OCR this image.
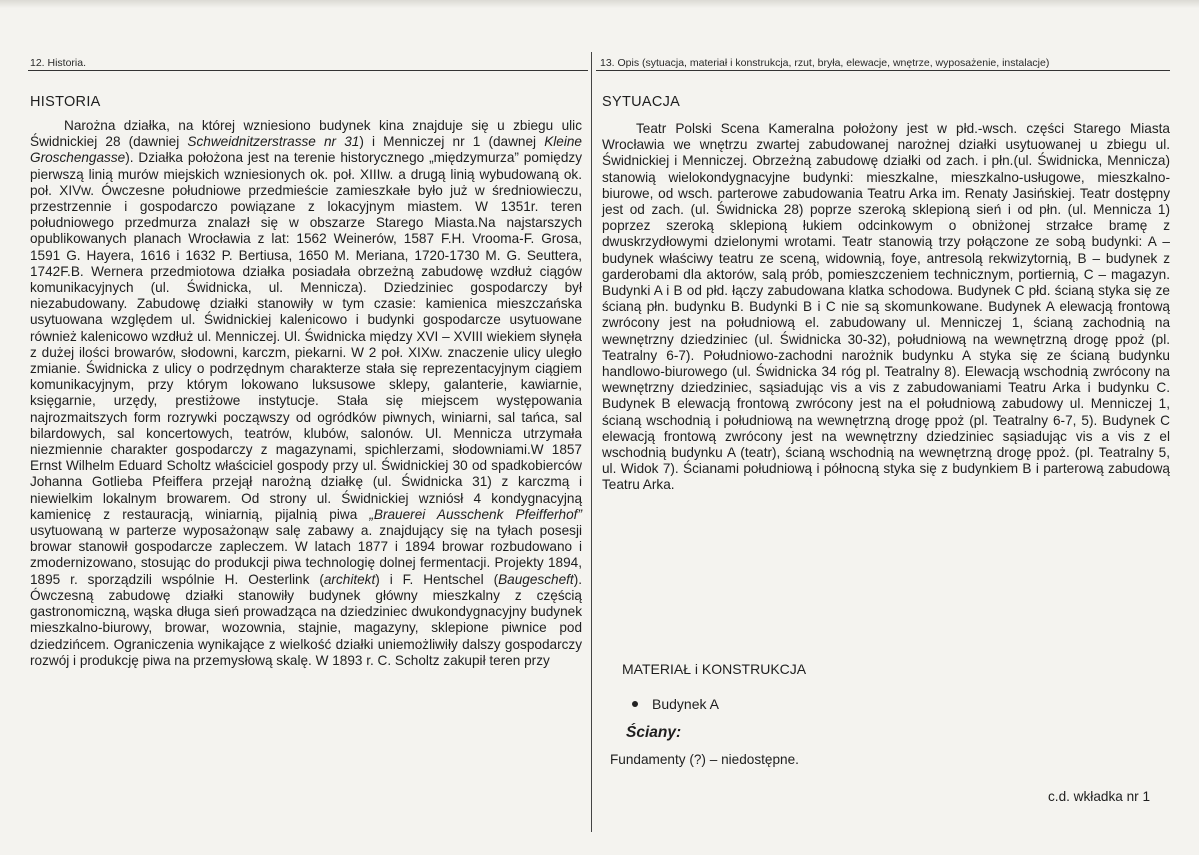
12. Historia.	13. Opis (sytuacja, materiał i konstrukcja, rzut, bryła, elewacje, wnętrze, wyposażenie, instalacje)
HISTORIA

Narożna działka, na której wzniesiono budynek kina znajduje się u zbiegu ulic Świdnickiej 28 (dawniej Schweidnitzerstrasse nr 31) i Menniczej nr 1 (dawnej Kleine Groschengasse). Działka położona jest na terenie historycznego „międzymurza” pomiędzy pierwszą linią murów miejskich wzniesionych ok. poł. XIIIw. a drugą linią wybudowaną ok. poł. XIVw. Ówczesne południowe przedmieście zamieszkałe było już w średniowieczu, przestrzennie i gospodarczo powiązane z lokacyjnym miastem. W 1351r. teren południowego przedmurza znalazł się w obszarze Starego Miasta.Na najstarszych opublikowanych planach Wrocławia z lat: 1562 Weinerów, 1587 F.H. Vrooma-F. Grosa, 1591 G. Hayera, 1616 i 1632 P. Bertiusa, 1650 M. Meriana, 1720-1730 M. G. Seuttera, 1742F.B. Wernera przedmiotowa działka posiadała obrzeżną zabudowę wzdłuż ciągów komunikacyjnych (ul. Świdnicka, ul. Mennicza). Dziedziniec gospodarczy był niezabudowany. Zabudowę działki stanowiły w tym czasie: kamienica mieszczańska usytuowana względem ul. Świdnickiej kalenicowo i budynki gospodarcze usytuowane również kalenicowo wzdłuż ul. Menniczej. Ul. Świdnicka między XVI – XVIII wiekiem słynęła z dużej ilości browarów, słodowni, karczm, piekarni. W 2 poł. XIXw. znaczenie ulicy uległo zmianie. Świdnicka z ulicy o podrzędnym charakterze stała się reprezentacyjnym ciągiem komunikacyjnym, przy którym lokowano luksusowe sklepy, galanterie, kawiarnie, księgarnie, urzędy, prestiżowe instytucje. Stała się miejscem występowania najrozmaitszych form rozrywki począwszy od ogródków piwnych, winiarni, sal tańca, sal bilardowych, sal koncertowych, teatrów, klubów, salonów. Ul. Mennicza utrzymała niezmiennie charakter gospodarczy z magazynami, spichlerzami, słodowniami.W 1857 Ernst Wilhelm Eduard Scholtz właściciel gospody przy ul. Świdnickiej 30 od spadkobierców Johanna Gotlieba Pfeiffera przejął narożną działkę (ul. Świdnicka 31) z karczmą i niewielkim lokalnym browarem. Od strony ul. Świdnickiej wzniósł 4 kondygnacyjną kamienicę z restauracją, winiarnią, pijalnią piwa „Brauerei Ausschenk Pfeifferhof” usytuowaną w parterze wyposażonąw salę zabawy a. znajdujący się na tyłach posesji browar stanowił gospodarcze zapleczem. W latach 1877 i 1894 browar rozbudowano i zmodernizowano, stosując do produkcji piwa technologię dolnej fermentacji. Projekty 1894, 1895 r. sporządzili wspólnie H. Oesterlink (architekt) i F. Hentschel (Baugescheft). Ówczesną zabudowę działki stanowiły budynek główny mieszkalny z częścią gastronomiczną, wąska długa sień prowadząca na dziedziniec dwukondygnacyjny budynek mieszkalno-biurowy, browar, wozownia, stajnie, magazyny, sklepione piwnice pod dziedzińcem. Ograniczenia wynikające z wielkość działki uniemożliwiły dalszy gospodarczy rozwój i produkcję piwa na przemysłową skalę. W 1893 r. C. Scholtz zakupił teren przy

SYTUACJA

Teatr Polski Scena Kameralna położony jest w płd.-wsch. części Starego Miasta Wrocławia we wnętrzu zwartej zabudowanej narożnej działki usytuowanej u zbiegu ul. Świdnickiej i Menniczej. Obrzeżną zabudowę działki od zach. i płn.(ul. Świdnicka, Mennicza) stanowią wielokondygnacyjne budynki: mieszkalne, mieszkalno-usługowe, mieszkalno-biurowe, od wsch. parterowe zabudowania Teatru Arka im. Renaty Jasińskiej. Teatr dostępny jest od zach. (ul. Świdnicka 28) poprze szeroką sklepioną sień i od płn. (ul. Mennicza 1) poprzez szeroką sklepioną łukiem odcinkowym o obniżonej strzałce bramę z dwuskrzydłowymi dzielonymi wrotami. Teatr stanowią trzy połączone ze sobą budynki: A – budynek właściwy teatru ze sceną, widownią, foye, antresolą rekwizytornią, B – budynek z garderobami dla aktorów, salą prób, pomieszczeniem technicznym, portiernią, C – magazyn. Budynki A i B od płd. łączy zabudowana klatka schodowa. Budynek C płd. ścianą styka się ze ścianą płn. budynku B. Budynki B i C nie są skomunkowane. Budynek A elewacją frontową zwrócony jest na południową el. zabudowany ul. Menniczej 1, ścianą zachodnią na wewnętrzny dziedziniec (ul. Świdnicka 30-32), południową na wewnętrzną drogę ppoż (pl. Teatralny 6-7). Południowo-zachodni narożnik budynku A styka się ze ścianą budynku handlowo-biurowego (ul. Świdnicka 34 róg pl. Teatralny 8). Elewacją wschodnią zwrócony na wewnętrzny dziedziniec, sąsiadując vis a vis z zabudowaniami Teatru Arka i budynku C. Budynek B elewacją frontową zwrócony jest na el południową zabudowy ul. Menniczej 1, ścianą wschodnią i południową na wewnętrzną drogę ppoż (pl. Teatralny 6-7, 5). Budynek C elewacją frontową zwrócony jest na wewnętrzny dziedziniec sąsiadując vis a vis z el wschodnią budynku A (teatr), ścianą wschodnią na wewnętrzną drogę ppoż. (pl. Teatralny 5, ul. Widok 7). Ścianami południową i północną styka się z budynkiem B i parterową zabudową Teatru Arka.

MATERIAŁ i KONSTRUKCJA
Budynek A
Ściany:
Fundamenty (?) – niedostępne.
c.d. wkładka nr 1
